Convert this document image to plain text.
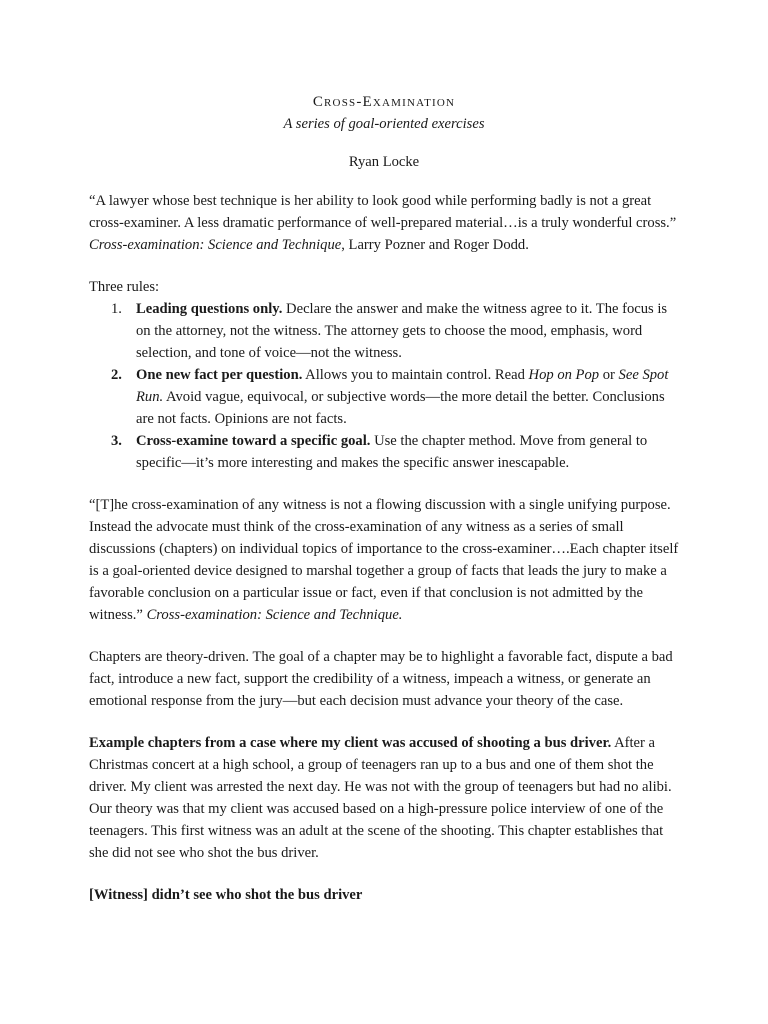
Cross-Examination

A series of goal-oriented exercises

Ryan Locke

“A lawyer whose best technique is her ability to look good while performing badly is not a great cross-examiner. A less dramatic performance of well-prepared material…is a truly wonderful cross.” Cross-examination: Science and Technique, Larry Pozner and Roger Dodd.

Three rules:

1. Leading questions only. Declare the answer and make the witness agree to it. The focus is on the attorney, not the witness. The attorney gets to choose the mood, emphasis, word selection, and tone of voice—not the witness.
2. One new fact per question. Allows you to maintain control. Read Hop on Pop or See Spot Run. Avoid vague, equivocal, or subjective words—the more detail the better. Conclusions are not facts. Opinions are not facts.
3. Cross-examine toward a specific goal. Use the chapter method. Move from general to specific—it’s more interesting and makes the specific answer inescapable.

“[T]he cross-examination of any witness is not a flowing discussion with a single unifying purpose. Instead the advocate must think of the cross-examination of any witness as a series of small discussions (chapters) on individual topics of importance to the cross-examiner….Each chapter itself is a goal-oriented device designed to marshal together a group of facts that leads the jury to make a favorable conclusion on a particular issue or fact, even if that conclusion is not admitted by the witness.” Cross-examination: Science and Technique.

Chapters are theory-driven. The goal of a chapter may be to highlight a favorable fact, dispute a bad fact, introduce a new fact, support the credibility of a witness, impeach a witness, or generate an emotional response from the jury—but each decision must advance your theory of the case.

Example chapters from a case where my client was accused of shooting a bus driver. After a Christmas concert at a high school, a group of teenagers ran up to a bus and one of them shot the driver. My client was arrested the next day. He was not with the group of teenagers but had no alibi. Our theory was that my client was accused based on a high-pressure police interview of one of the teenagers. This first witness was an adult at the scene of the shooting. This chapter establishes that she did not see who shot the bus driver.

[Witness] didn’t see who shot the bus driver
